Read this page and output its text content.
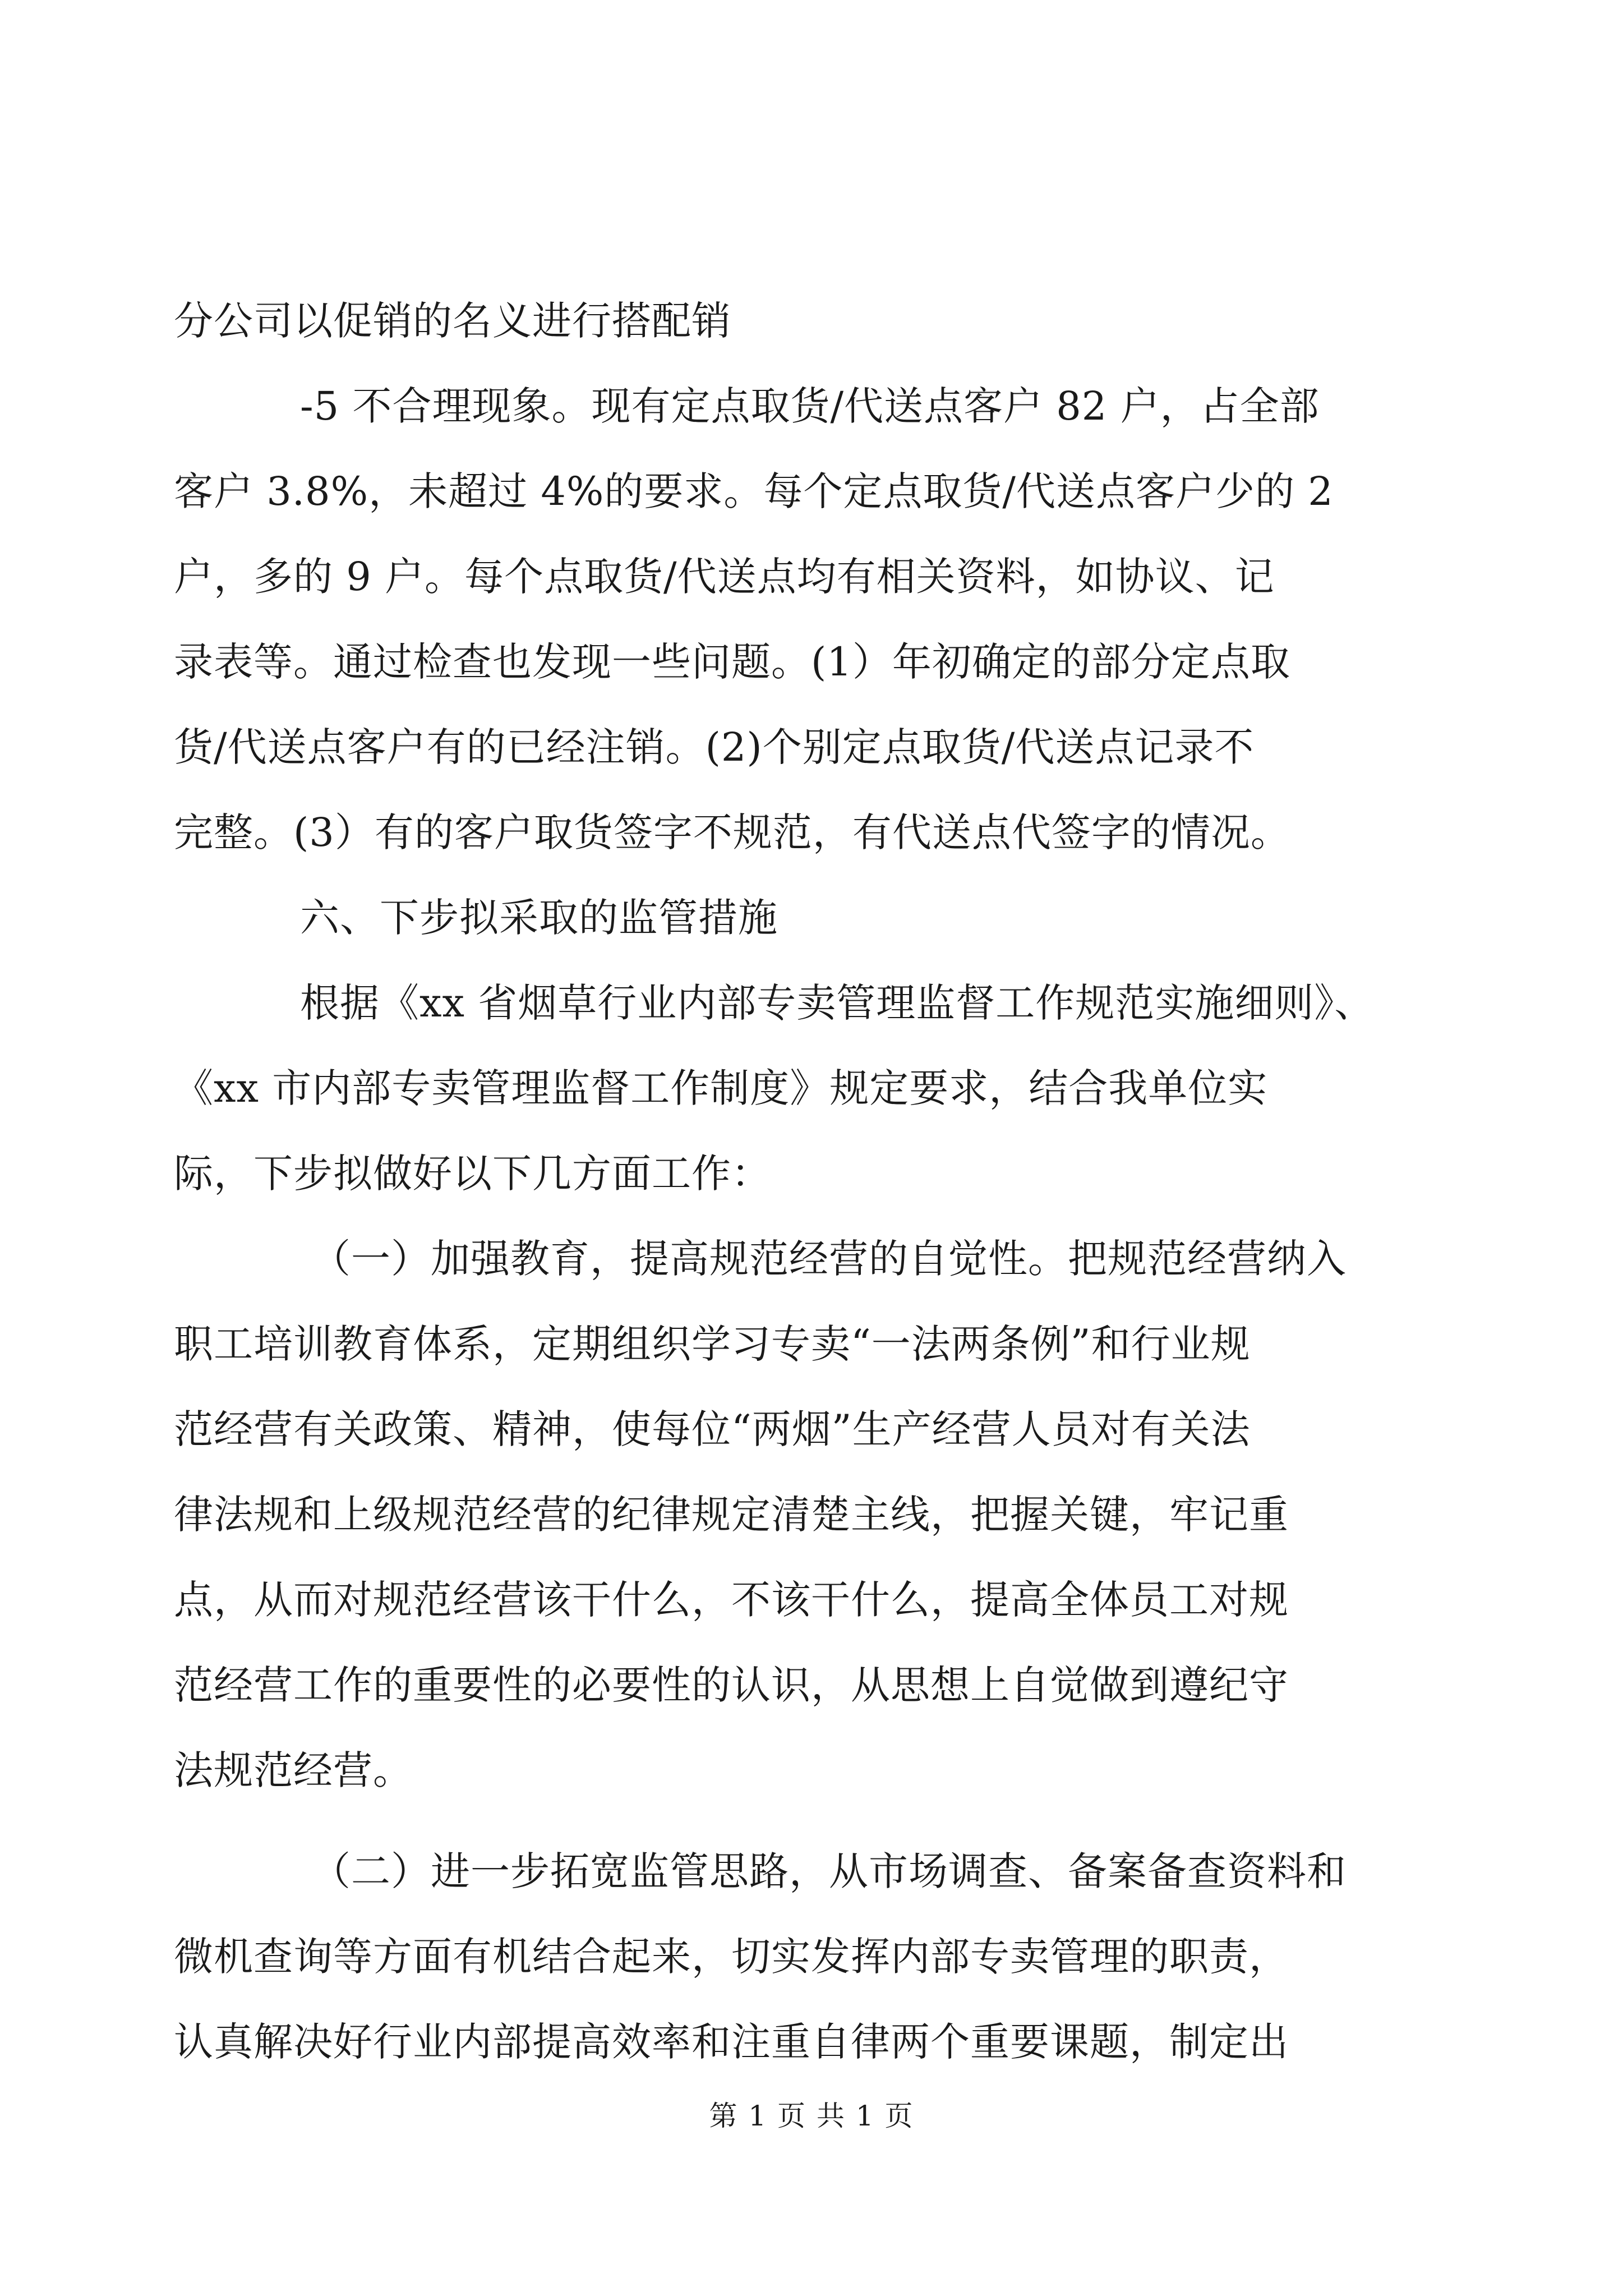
分公司以促销的名义进行搭配销
-5 不合理现象。现有定点取货/代送点客户 82 户，占全部
客户 3.8%，未超过 4%的要求。每个定点取货/代送点客户少的 2
户，多的 9 户。每个点取货/代送点均有相关资料，如协议、记
录表等。通过检查也发现一些问题。(1）年初确定的部分定点取
货/代送点客户有的已经注销。(2)个别定点取货/代送点记录不
完整。(3）有的客户取货签字不规范，有代送点代签字的情况。
六、下步拟采取的监管措施
根据《xx 省烟草行业内部专卖管理监督工作规范实施细则》、
《xx 市内部专卖管理监督工作制度》规定要求，结合我单位实
际，下步拟做好以下几方面工作：
（一）加强教育，提高规范经营的自觉性。把规范经营纳入
职工培训教育体系，定期组织学习专卖“一法两条例”和行业规
范经营有关政策、精神，使每位“两烟”生产经营人员对有关法
律法规和上级规范经营的纪律规定清楚主线，把握关键，牢记重
点，从而对规范经营该干什么，不该干什么，提高全体员工对规
范经营工作的重要性的必要性的认识，从思想上自觉做到遵纪守
法规范经营。
（二）进一步拓宽监管思路，从市场调查、备案备查资料和
微机查询等方面有机结合起来，切实发挥内部专卖管理的职责，
认真解决好行业内部提高效率和注重自律两个重要课题，制定出
第 1 页 共 1 页
